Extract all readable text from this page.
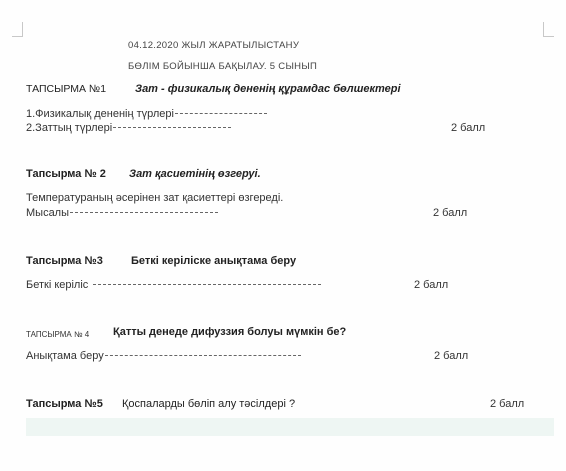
04.12.2020 ЖЫЛ ЖАРАТЫЛЫСТАНУ
БӨЛІМ БОЙЫНША БАҚЫЛАУ. 5 СЫНЫП
ТАПСЫРМА №1	Зат - физикалық дененің құрамдас бөлшектері
1.Физикалық дененің түрлері
2.Заттың түрлері	2 балл
Тапсырма № 2 Зат қасиетінің өзгеруі.
Температураның әсерінен зат қасиеттері өзгереді.
Мысалы	2 балл
Тапсырма №3	Беткі керіліске анықтама беру
Беткі керіліс	2 балл
ТАПСЫРМА № 4 Қатты денеде дифуззия болуы мүмкін бе?
Анықтама беру	2 балл
Тапсырма №5 Қоспаларды бөліп алу тәсілдері ?	2 балл
